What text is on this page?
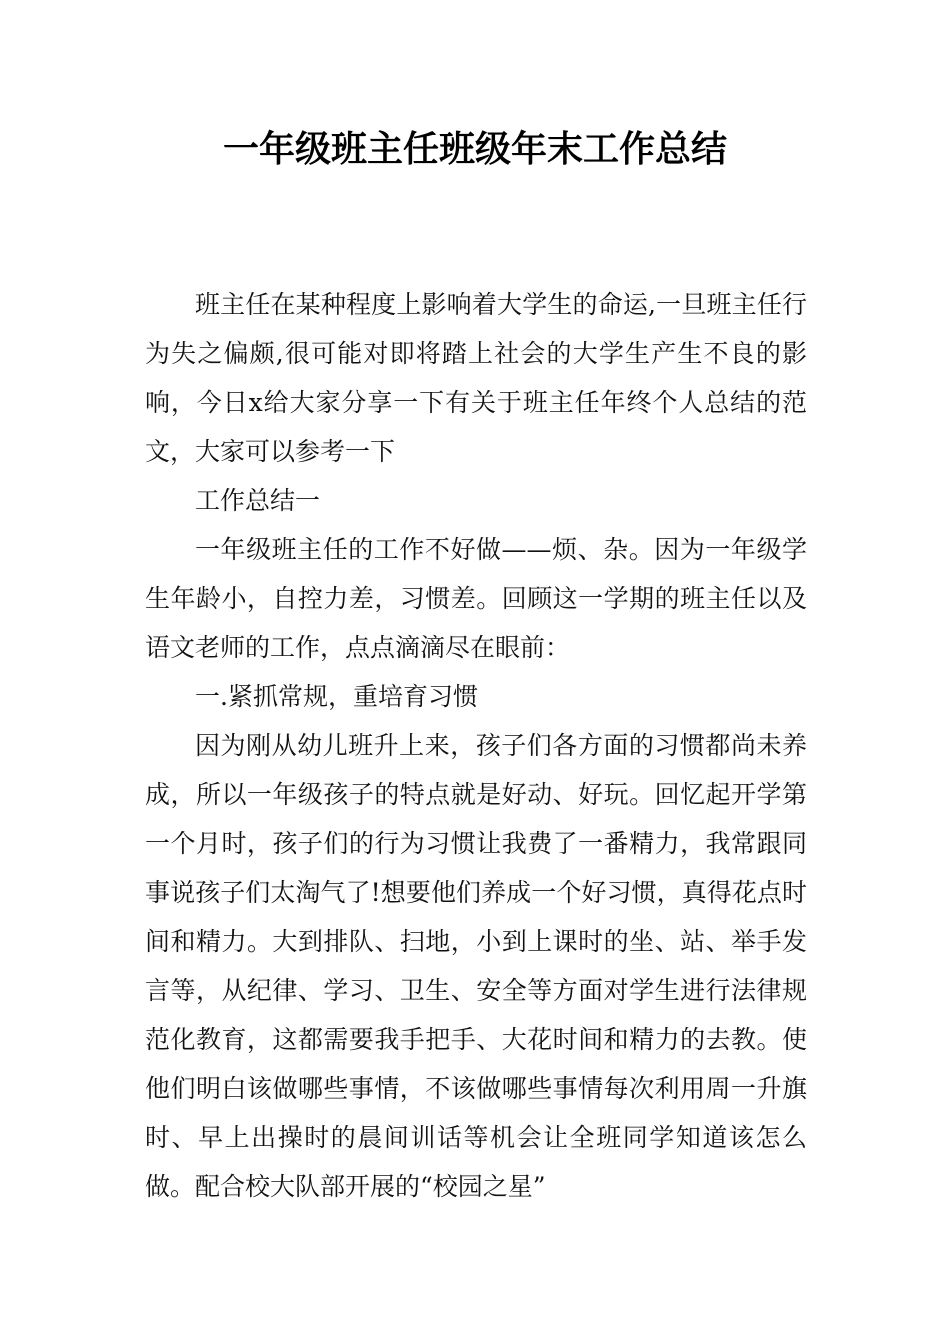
一年级班主任班级年末工作总结

班主任在某种程度上影响着大学生的命运,一旦班主任行为失之偏颇,很可能对即将踏上社会的大学生产生不良的影响，今日x给大家分享一下有关于班主任年终个人总结的范文，大家可以参考一下

工作总结一

一年级班主任的工作不好做——烦、杂。因为一年级学生年龄小，自控力差，习惯差。回顾这一学期的班主任以及语文老师的工作，点点滴滴尽在眼前：

一.紧抓常规，重培育习惯

因为刚从幼儿班升上来，孩子们各方面的习惯都尚未养成，所以一年级孩子的特点就是好动、好玩。回忆起开学第一个月时，孩子们的行为习惯让我费了一番精力，我常跟同事说孩子们太淘气了!想要他们养成一个好习惯，真得花点时间和精力。大到排队、扫地，小到上课时的坐、站、举手发言等，从纪律、学习、卫生、安全等方面对学生进行法律规范化教育，这都需要我手把手、大花时间和精力的去教。使他们明白该做哪些事情，不该做哪些事情每次利用周一升旗时、早上出操时的晨间训话等机会让全班同学知道该怎么做。配合校大队部开展的“校园之星”
